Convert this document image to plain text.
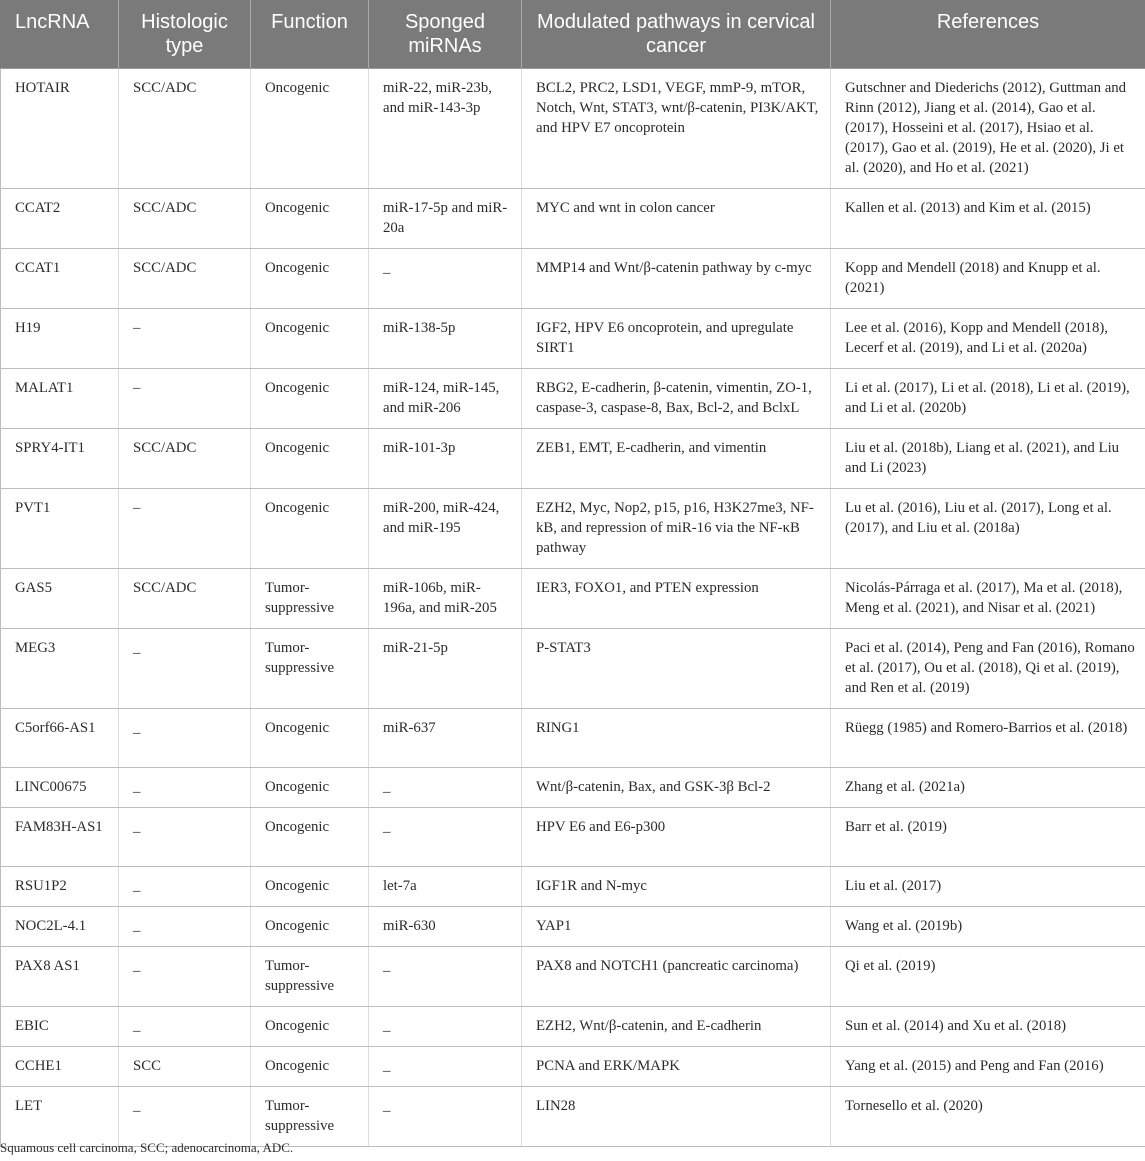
LncRNA	Histologic type	Function	Sponged miRNAs	Modulated pathways in cervical cancer	References
HOTAIR	SCC/ADC	Oncogenic	miR-22, miR-23b, and miR-143-3p	BCL2, PRC2, LSD1, VEGF, mmP-9, mTOR, Notch, Wnt, STAT3, wnt/β-catenin, PI3K/AKT, and HPV E7 oncoprotein	Gutschner and Diederichs (2012), Guttman and Rinn (2012), Jiang et al. (2014), Gao et al. (2017), Hosseini et al. (2017), Hsiao et al. (2017), Gao et al. (2019), He et al. (2020), Ji et al. (2020), and Ho et al. (2021)
CCAT2	SCC/ADC	Oncogenic	miR-17-5p and miR-20a	MYC and wnt in colon cancer	Kallen et al. (2013) and Kim et al. (2015)
CCAT1	SCC/ADC	Oncogenic	_	MMP14 and Wnt/β-catenin pathway by c-myc	Kopp and Mendell (2018) and Knupp et al. (2021)
H19	–	Oncogenic	miR-138-5p	IGF2, HPV E6 oncoprotein, and upregulate SIRT1	Lee et al. (2016), Kopp and Mendell (2018), Lecerf et al. (2019), and Li et al. (2020a)
MALAT1	–	Oncogenic	miR-124, miR-145, and miR-206	RBG2, E-cadherin, β-catenin, vimentin, ZO-1, caspase-3, caspase-8, Bax, Bcl-2, and BclxL	Li et al. (2017), Li et al. (2018), Li et al. (2019), and Li et al. (2020b)
SPRY4-IT1	SCC/ADC	Oncogenic	miR-101-3p	ZEB1, EMT, E-cadherin, and vimentin	Liu et al. (2018b), Liang et al. (2021), and Liu and Li (2023)
PVT1	–	Oncogenic	miR-200, miR-424, and miR-195	EZH2, Myc, Nop2, p15, p16, H3K27me3, NF-kB, and repression of miR-16 via the NF-κB pathway	Lu et al. (2016), Liu et al. (2017), Long et al. (2017), and Liu et al. (2018a)
GAS5	SCC/ADC	Tumor-suppressive	miR-106b, miR-196a, and miR-205	IER3, FOXO1, and PTEN expression	Nicolás-Párraga et al. (2017), Ma et al. (2018), Meng et al. (2021), and Nisar et al. (2021)
MEG3	_	Tumor-suppressive	miR-21-5p	P-STAT3	Paci et al. (2014), Peng and Fan (2016), Romano et al. (2017), Ou et al. (2018), Qi et al. (2019), and Ren et al. (2019)
C5orf66-AS1	_	Oncogenic	miR-637	RING1	Rüegg (1985) and Romero-Barrios et al. (2018)
LINC00675	_	Oncogenic	_	Wnt/β-catenin, Bax, and GSK-3β Bcl-2	Zhang et al. (2021a)
FAM83H-AS1	_	Oncogenic	_	HPV E6 and E6-p300	Barr et al. (2019)
RSU1P2	_	Oncogenic	let-7a	IGF1R and N-myc	Liu et al. (2017)
NOC2L-4.1	_	Oncogenic	miR-630	YAP1	Wang et al. (2019b)
PAX8 AS1	_	Tumor-suppressive	_	PAX8 and NOTCH1 (pancreatic carcinoma)	Qi et al. (2019)
EBIC	_	Oncogenic	_	EZH2, Wnt/β-catenin, and E-cadherin	Sun et al. (2014) and Xu et al. (2018)
CCHE1	SCC	Oncogenic	_	PCNA and ERK/MAPK	Yang et al. (2015) and Peng and Fan (2016)
LET	_	Tumor-suppressive	_	LIN28	Tornesello et al. (2020)
Squamous cell carcinoma, SCC; adenocarcinoma, ADC.
